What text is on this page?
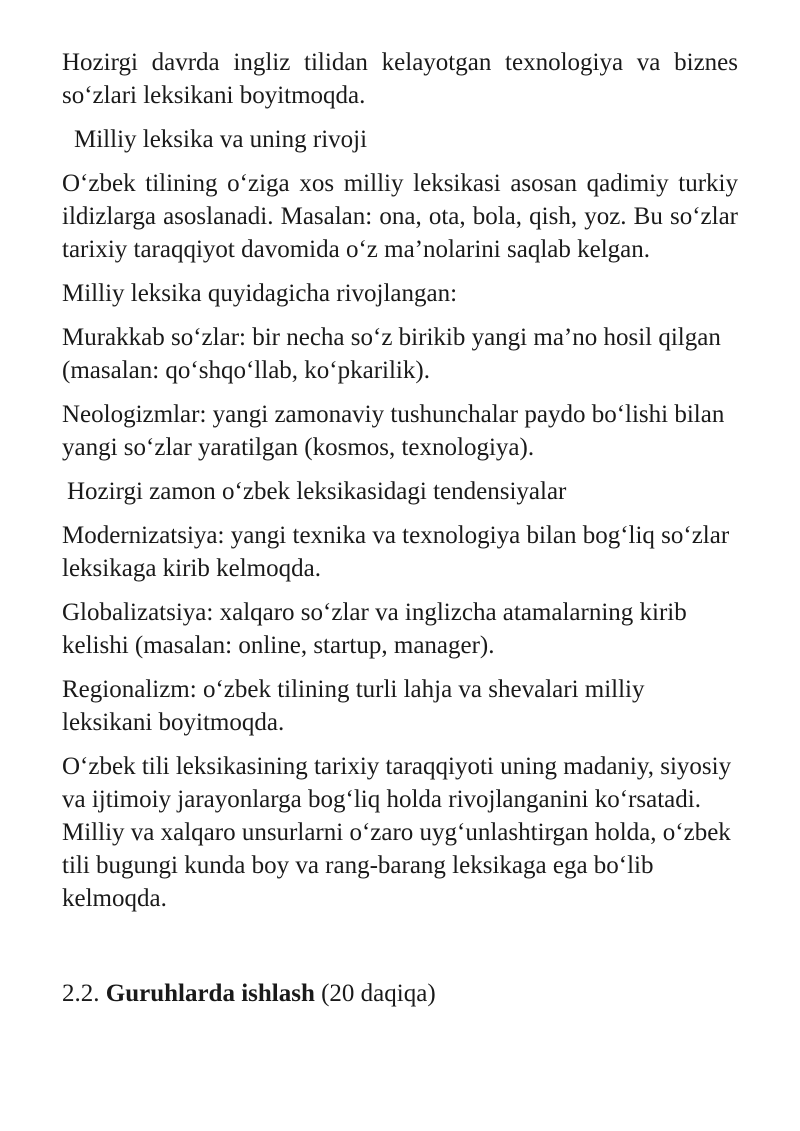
Hozirgi davrda ingliz tilidan kelayotgan texnologiya va biznes so‘zlari leksikani boyitmoqda.

Milliy leksika va uning rivoji

O‘zbek tilining o‘ziga xos milliy leksikasi asosan qadimiy turkiy ildizlarga asoslanadi. Masalan: ona, ota, bola, qish, yoz. Bu so‘zlar tarixiy taraqqiyot davomida o‘z ma’nolarini saqlab kelgan.

Milliy leksika quyidagicha rivojlangan:

Murakkab so‘zlar: bir necha so‘z birikib yangi ma’no hosil qilgan (masalan: qo‘shqo‘llab, ko‘pkarilik).

Neologizmlar: yangi zamonaviy tushunchalar paydo bo‘lishi bilan yangi so‘zlar yaratilgan (kosmos, texnologiya).

Hozirgi zamon o‘zbek leksikasidagi tendensiyalar

Modernizatsiya: yangi texnika va texnologiya bilan bog‘liq so‘zlar leksikaga kirib kelmoqda.

Globalizatsiya: xalqaro so‘zlar va inglizcha atamalarning kirib kelishi (masalan: online, startup, manager).

Regionalizm: o‘zbek tilining turli lahja va shevalari milliy leksikani boyitmoqda.

O‘zbek tili leksikasining tarixiy taraqqiyoti uning madaniy, siyosiy va ijtimoiy jarayonlarga bog‘liq holda rivojlanganini ko‘rsatadi. Milliy va xalqaro unsurlarni o‘zaro uyg‘unlashtirgan holda, o‘zbek tili bugungi kunda boy va rang-barang leksikaga ega bo‘lib kelmoqda.

2.2. Guruhlarda ishlash (20 daqiqa)
